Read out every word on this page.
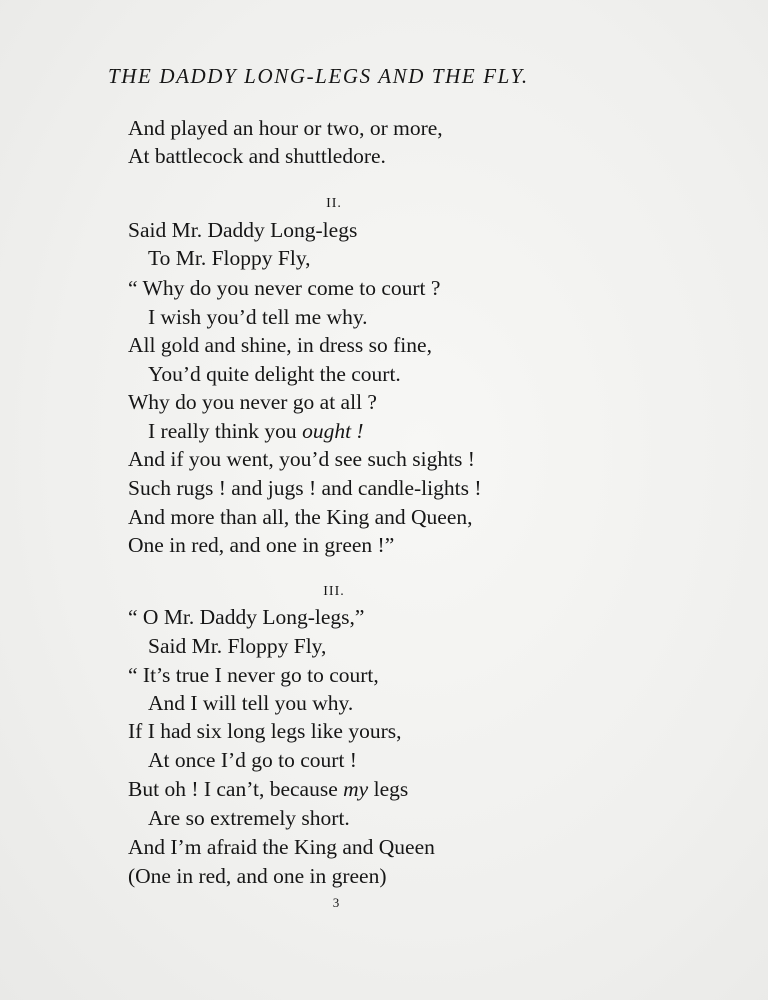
THE DADDY LONG-LEGS AND THE FLY.
And played an hour or two, or more,
At battlecock and shuttledore.
II.
Said Mr. Daddy Long-legs
To Mr. Floppy Fly,
“ Why do you never come to court ?
I wish you’d tell me why.
All gold and shine, in dress so fine,
You’d quite delight the court.
Why do you never go at all ?
I really think you ought !
And if you went, you’d see such sights !
Such rugs ! and jugs ! and candle-lights !
And more than all, the King and Queen,
One in red, and one in green !”
III.
“ O Mr. Daddy Long-legs,”
Said Mr. Floppy Fly,
“ It’s true I never go to court,
And I will tell you why.
If I had six long legs like yours,
At once I’d go to court !
But oh ! I can’t, because my legs
Are so extremely short.
And I’m afraid the King and Queen
(One in red, and one in green)
3
